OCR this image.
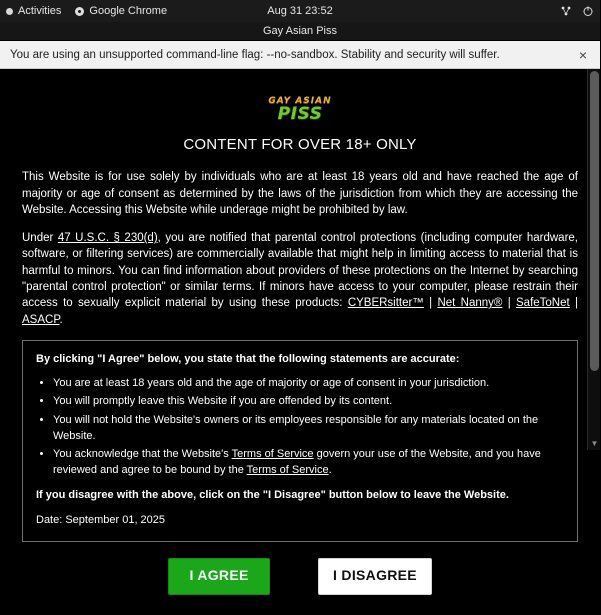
Activities	Google Chrome	Aug 31 23:52
Gay Asian Piss
You are using an unsupported command-line flag: --no-sandbox. Stability and security will suffer.	×
GAY ASIAN
PISS
CONTENT FOR OVER 18+ ONLY

This Website is for use solely by individuals who are at least 18 years old and have reached the age of majority or age of consent as determined by the laws of the jurisdiction from which they are accessing the Website. Accessing this Website while underage might be prohibited by law.

Under 47 U.S.C. § 230(d), you are notified that parental control protections (including computer hardware, software, or filtering services) are commercially available that might help in limiting access to material that is harmful to minors. You can find information about providers of these protections on the Internet by searching "parental control protection" or similar terms. If minors have access to your computer, please restrain their access to sexually explicit material by using these products: CYBERsitter™ | Net Nanny® | SafeToNet | ASACP.

By clicking "I Agree" below, you state that the following statements are accurate:

• You are at least 18 years old and the age of majority or age of consent in your jurisdiction.
• You will promptly leave this Website if you are offended by its content.
• You will not hold the Website's owners or its employees responsible for any materials located on the Website.
• You acknowledge that the Website's Terms of Service govern your use of the Website, and you have reviewed and agree to be bound by the Terms of Service.

If you disagree with the above, click on the "I Disagree" button below to leave the Website.

Date: September 01, 2025

I AGREE	I DISAGREE
▼
